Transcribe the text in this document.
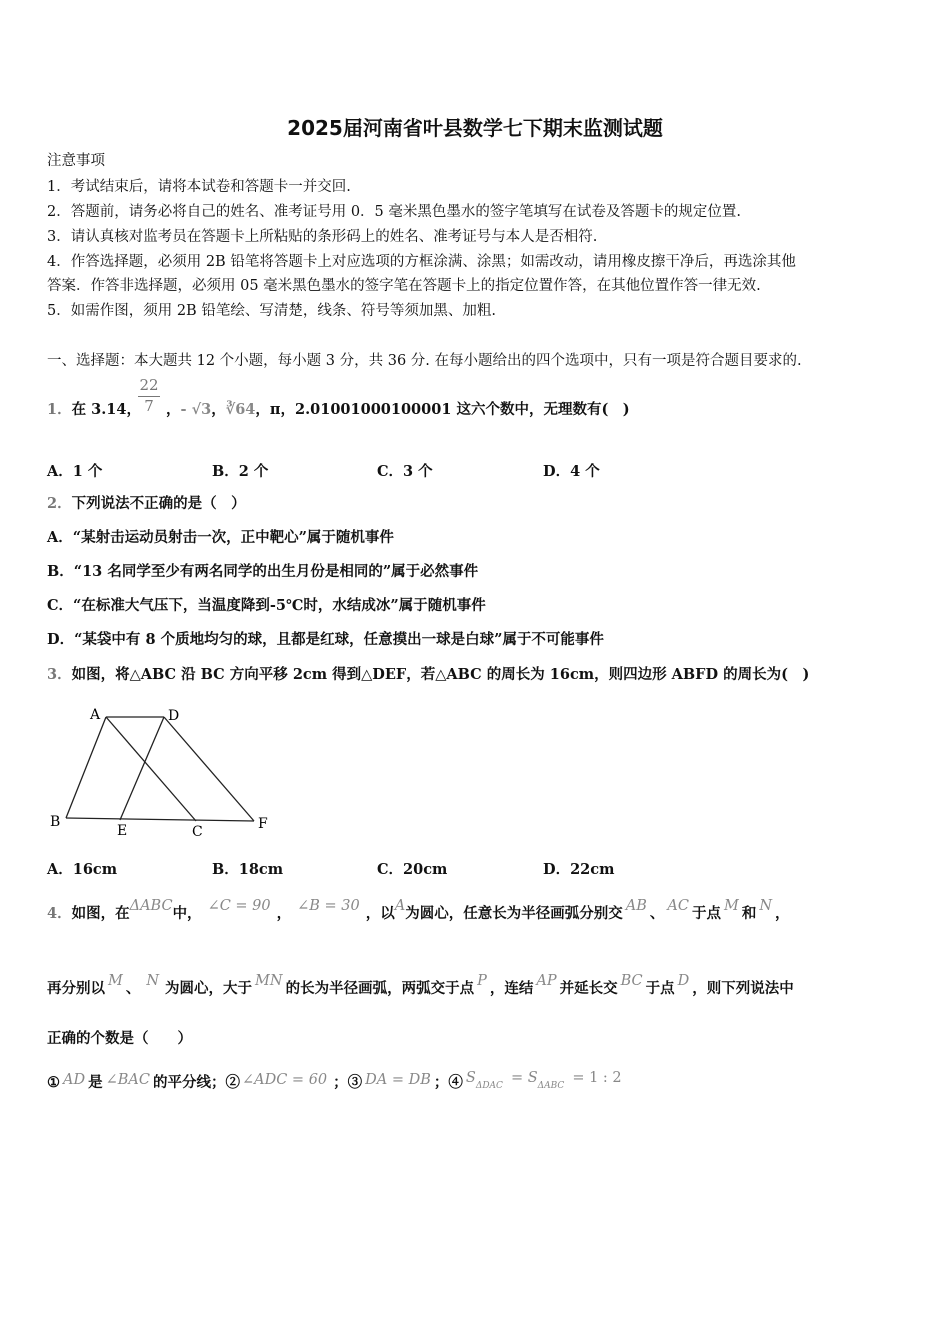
2025届河南省叶县数学七下期末监测试题
注意事项
1．考试结束后，请将本试卷和答题卡一并交回.
2．答题前，请务必将自己的姓名、准考证号用 0．5 毫米黑色墨水的签字笔填写在试卷及答题卡的规定位置.
3．请认真核对监考员在答题卡上所粘贴的条形码上的姓名、准考证号与本人是否相符.
4．作答选择题，必须用 2B 铅笔将答题卡上对应选项的方框涂满、涂黑；如需改动，请用橡皮擦干净后，再选涂其他
答案．作答非选择题，必须用 05 毫米黑色墨水的签字笔在答题卡上的指定位置作答，在其他位置作答一律无效.
5．如需作图，须用 2B 铅笔绘、写清楚，线条、符号等须加黑、加粗.
一、选择题：本大题共 12 个小题，每小题 3 分，共 36 分. 在每小题给出的四个选项中，只有一项是符合题目要求的.
1．在 3.14，
22
7 ，- √3，∛64，π，2.01001000100001 这六个数中，无理数有(　)
A．1 个	B．2 个	C．3 个	D．4 个
2．下列说法不正确的是（　）
A．“某射击运动员射击一次，正中靶心”属于随机事件
B．“13 名同学至少有两名同学的出生月份是相同的”属于必然事件
C．“在标准大气压下，当温度降到-5℃时，水结成冰”属于随机事件
D．“某袋中有 8 个质地均匀的球，且都是红球，任意摸出一球是白球”属于不可能事件
3．如图，将△ABC 沿 BC 方向平移 2cm 得到△DEF，若△ABC 的周长为 16cm，则四边形 ABFD 的周长为(　)
A	D
B
E	C	F
A．16cm	B．18cm	C．20cm	D．22cm
4．如图，在ΔABC中， ∠C = 90 ， ∠B = 30 ，以A为圆心，任意长为半径画弧分别交 AB 、 AC 于点 M 和 N ，
再分别以 M 、 N 为圆心，大于 MN 的长为半径画弧，两弧交于点 P ，连结 AP 并延长交 BC 于点 D ，则下列说法中
正确的个数是（　　）
① AD 是 ∠BAC 的平分线；② ∠ADC = 60 ；③ DA = DB ；④ SΔDAC = SΔABC = 1 : 2
